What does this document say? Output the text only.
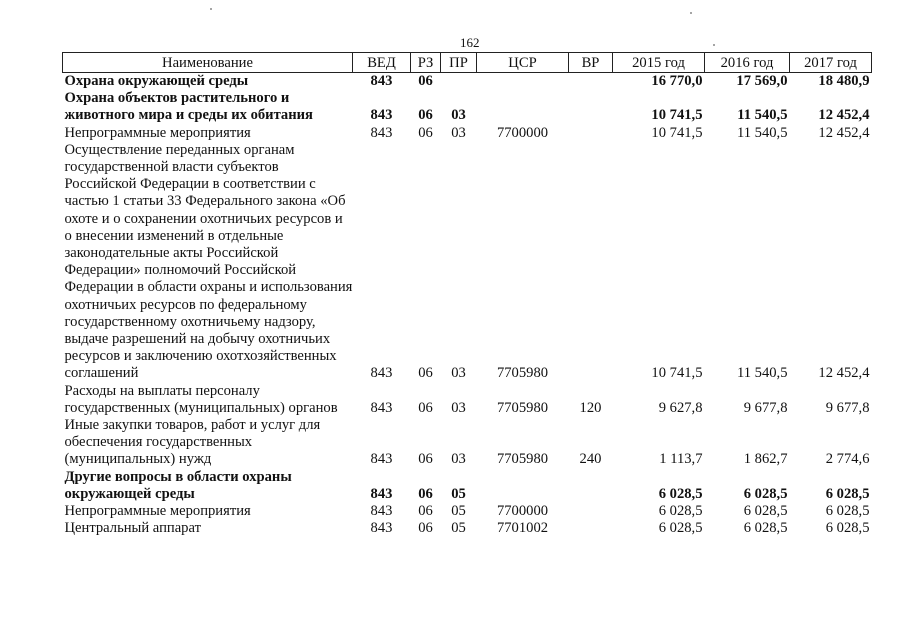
162
Наименование	ВЕД	РЗ	ПР	ЦСР	ВР	2015 год	2016 год	2017 год
Охрана окружающей среды	843	06				16 770,0	17 569,0	18 480,9
Охрана объектов растительного и животного мира и среды их обитания	843	06	03			10 741,5	11 540,5	12 452,4
Непрограммные мероприятия	843	06	03	7700000		10 741,5	11 540,5	12 452,4
Осуществление переданных органам государственной власти субъектов Российской Федерации в соответствии с частью 1 статьи 33 Федерального закона «Об охоте и о сохранении охотничьих ресурсов и о внесении изменений в отдельные законодательные акты Российской Федерации» полномочий Российской Федерации в области охраны и использования охотничьих ресурсов по федеральному государственному охотничьему надзору, выдаче разрешений на добычу охотничьих ресурсов и заключению охотхозяйственных соглашений	843	06	03	7705980		10 741,5	11 540,5	12 452,4
Расходы на выплаты персоналу государственных (муниципальных) органов	843	06	03	7705980	120	9 627,8	9 677,8	9 677,8
Иные закупки товаров, работ и услуг для обеспечения государственных (муниципальных) нужд	843	06	03	7705980	240	1 113,7	1 862,7	2 774,6
Другие вопросы в области охраны окружающей среды	843	06	05			6 028,5	6 028,5	6 028,5
Непрограммные мероприятия	843	06	05	7700000		6 028,5	6 028,5	6 028,5
Центральный аппарат	843	06	05	7701002		6 028,5	6 028,5	6 028,5
